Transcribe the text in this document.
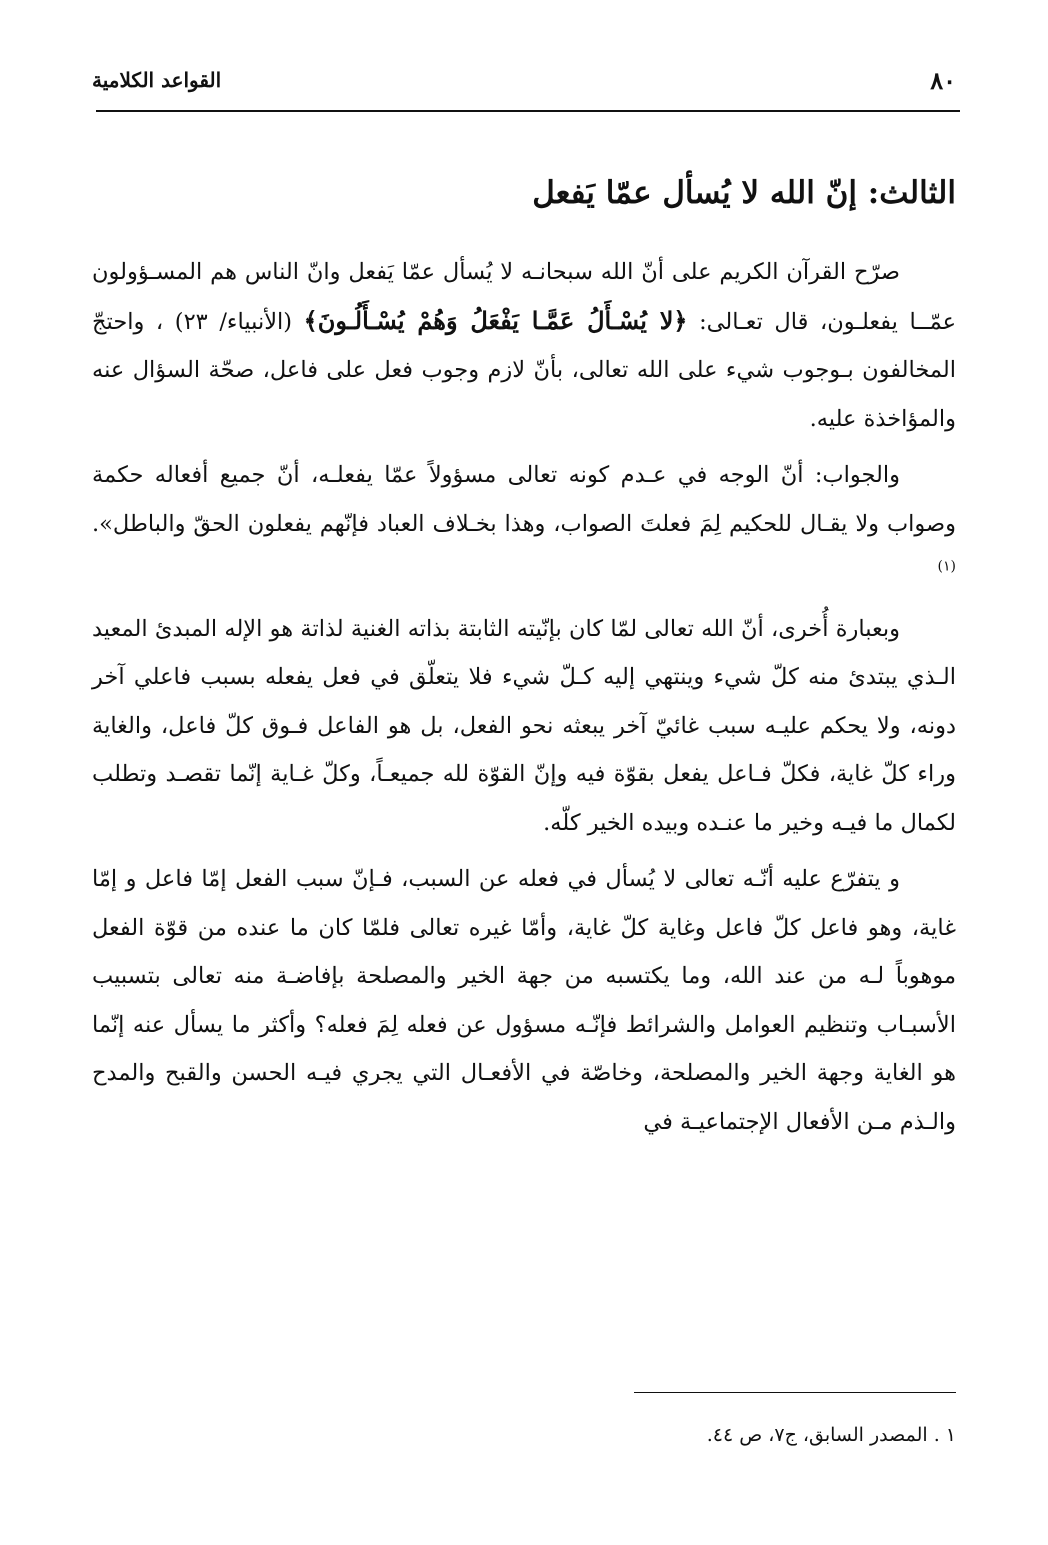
٨٠
القواعد الكلامية
الثالث: إنّ الله لا يُسأل عمّا يَفعل

صرّح القرآن الكريم على أنّ الله سبحانـه لا يُسأل عمّا يَفعل وانّ الناس هم المسـؤولون عمّــا يفعلـون، قال تعـالى: ﴿لا يُسْـأَلُ عَمَّـا يَفْعَلُ وَهُمْ يُسْـأَلُـونَ﴾ (الأنبياء/ ٢٣) ، واحتجّ المخالفون بـوجوب شيء على الله تعالى، بأنّ لازم وجوب فعل على فاعل، صحّة السؤال عنه والمؤاخذة عليه.

والجواب: أنّ الوجه في عـدم كونه تعالى مسؤولاً عمّا يفعلـه، أنّ جميع أفعاله حكمة وصواب ولا يقـال للحكيم لِمَ فعلتَ الصواب، وهذا بخـلاف العباد فإنّهم يفعلون الحقّ والباطل».$^{(١)}$

وبعبارة أُخرى، أنّ الله تعالى لمّا كان بإنّيته الثابتة بذاته الغنية لذاتة هو الإله المبدئ المعيد الـذي يبتدئ منه كلّ شيء وينتهي إليه كـلّ شيء فلا يتعلّق في فعل يفعله بسبب فاعلي آخر دونه، ولا يحكم عليـه سبب غائيّ آخر يبعثه نحو الفعل، بل هو الفاعل فـوق كلّ فاعل، والغاية وراء كلّ غاية، فكلّ فـاعل يفعل بقوّة فيه وإنّ القوّة لله جميعـاً، وكلّ غـاية إنّما تقصـد وتطلب لكمال ما فيـه وخير ما عنـده وبيده الخير كلّه.

و يتفرّع عليه أنّـه تعالى لا يُسأل في فعله عن السبب، فـإنّ سبب الفعل إمّا فاعل و إمّا غاية، وهو فاعل كلّ فاعل وغاية كلّ غاية، وأمّا غيره تعالى فلمّا كان ما عنده من قوّة الفعل موهوباً لـه من عند الله، وما يكتسبه من جهة الخير والمصلحة بإفاضـة منه تعالى بتسبيب الأسبـاب وتنظيم العوامل والشرائط فإنّـه مسؤول عن فعله لِمَ فعله؟ وأكثر ما يسأل عنه إنّما هو الغاية وجهة الخير والمصلحة، وخاصّة في الأفعـال التي يجري فيـه الحسن والقبح والمدح والـذم مـن الأفعال الإجتماعيـة في

١ . المصدر السابق، ج٧، ص ٤٤.
